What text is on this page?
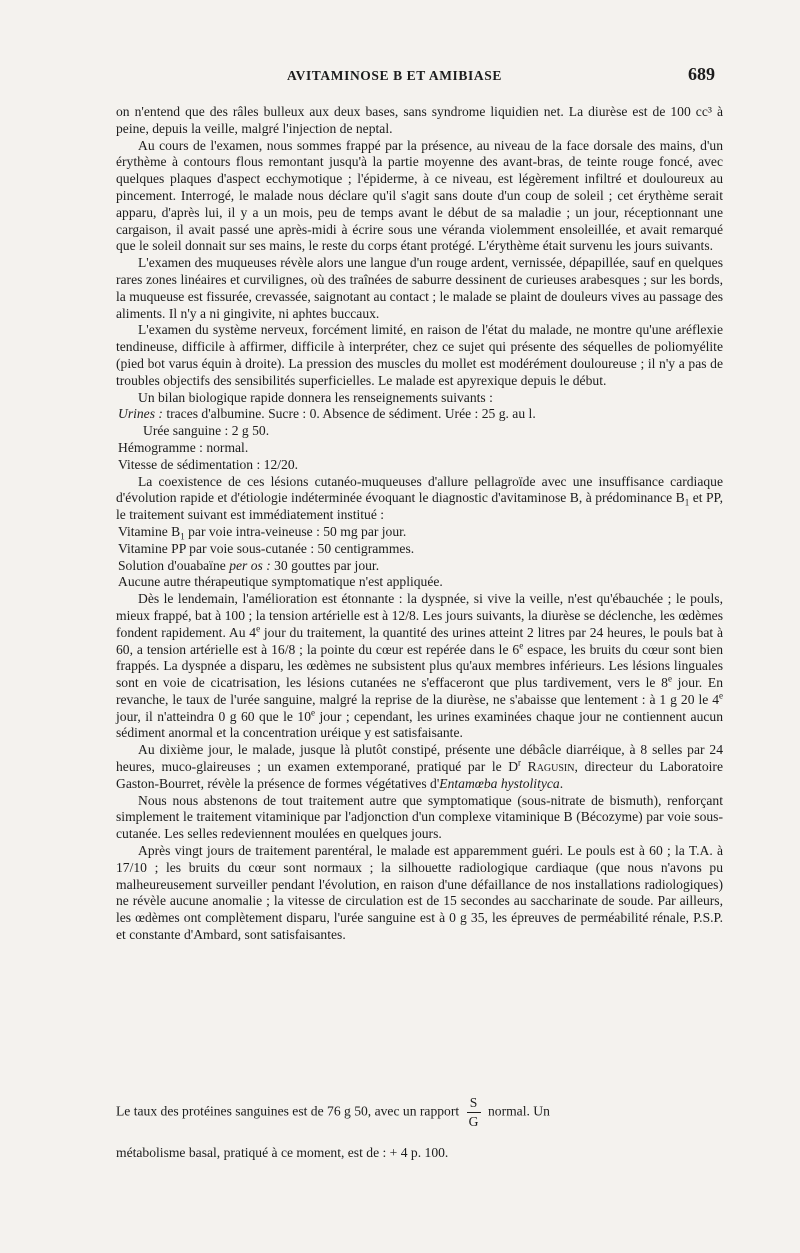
AVITAMINOSE B ET AMIBIASE	689

on n'entend que des râles bulleux aux deux bases, sans syndrome liquidien net. La diurèse est de 100 cc³ à peine, depuis la veille, malgré l'injection de neptal.

Au cours de l'examen, nous sommes frappé par la présence, au niveau de la face dorsale des mains, d'un érythème à contours flous remontant jusqu'à la partie moyenne des avant-bras, de teinte rouge foncé, avec quelques plaques d'aspect ecchymotique ; l'épiderme, à ce niveau, est légèrement infiltré et douloureux au pincement. Interrogé, le malade nous déclare qu'il s'agit sans doute d'un coup de soleil ; cet érythème serait apparu, d'après lui, il y a un mois, peu de temps avant le début de sa maladie ; un jour, réceptionnant une cargaison, il avait passé une après-midi à écrire sous une véranda violemment ensoleillée, et avait remarqué que le soleil donnait sur ses mains, le reste du corps étant protégé. L'érythème était survenu les jours suivants.

L'examen des muqueuses révèle alors une langue d'un rouge ardent, vernissée, dépapillée, sauf en quelques rares zones linéaires et curvilignes, où des traînées de saburre dessinent de curieuses arabesques ; sur les bords, la muqueuse est fissurée, crevassée, saignotant au contact ; le malade se plaint de douleurs vives au passage des aliments. Il n'y a ni gingivite, ni aphtes buccaux.

L'examen du système nerveux, forcément limité, en raison de l'état du malade, ne montre qu'une aréflexie tendineuse, difficile à affirmer, difficile à interpréter, chez ce sujet qui présente des séquelles de poliomyélite (pied bot varus équin à droite). La pression des muscles du mollet est modérément douloureuse ; il n'y a pas de troubles objectifs des sensibilités superficielles. Le malade est apyrexique depuis le début.

Un bilan biologique rapide donnera les renseignements suivants :

Urines : traces d'albumine. Sucre : 0. Absence de sédiment. Urée : 25 g. au l.

Urée sanguine : 2 g 50.

Hémogramme : normal.

Vitesse de sédimentation : 12/20.

La coexistence de ces lésions cutanéo-muqueuses d'allure pellagroïde avec une insuffisance cardiaque d'évolution rapide et d'étiologie indéterminée évoquant le diagnostic d'avitaminose B, à prédominance $B_1$ et PP, le traitement suivant est immédiatement institué :

Vitamine $B_1$ par voie intra-veineuse : 50 mg par jour.

Vitamine PP par voie sous-cutanée : 50 centigrammes.

Solution d'ouabaïne per os : 30 gouttes par jour.

Aucune autre thérapeutique symptomatique n'est appliquée.

Dès le lendemain, l'amélioration est étonnante : la dyspnée, si vive la veille, n'est qu'ébauchée ; le pouls, mieux frappé, bat à 100 ; la tension artérielle est à 12/8. Les jours suivants, la diurèse se déclenche, les œdèmes fondent rapidement. Au 4e jour du traitement, la quantité des urines atteint 2 litres par 24 heures, le pouls bat à 60, a tension artérielle est à 16/8 ; la pointe du cœur est repérée dans le 6e espace, les bruits du cœur sont bien frappés. La dyspnée a disparu, les œdèmes ne subsistent plus qu'aux membres inférieurs. Les lésions linguales sont en voie de cicatrisation, les lésions cutanées ne s'effaceront que plus tardivement, vers le 8e jour. En revanche, le taux de l'urée sanguine, malgré la reprise de la diurèse, ne s'abaisse que lentement : à 1 g 20 le 4e jour, il n'atteindra 0 g 60 que le 10e jour ; cependant, les urines examinées chaque jour ne contiennent aucun sédiment anormal et la concentration uréique y est satisfaisante.

Au dixième jour, le malade, jusque là plutôt constipé, présente une débâcle diarréique, à 8 selles par 24 heures, muco-glaireuses ; un examen extemporané, pratiqué par le $D^r$ Ragusin, directeur du Laboratoire Gaston-Bourret, révèle la présence de formes végétatives d'Entamœba hystolityca.

Nous nous abstenons de tout traitement autre que symptomatique (sous-nitrate de bismuth), renforçant simplement le traitement vitaminique par l'adjonction d'un complexe vitaminique B (Bécozyme) par voie sous-cutanée. Les selles redeviennent moulées en quelques jours.

Après vingt jours de traitement parentéral, le malade est apparemment guéri. Le pouls est à 60 ; la T.A. à 17/10 ; les bruits du cœur sont normaux ; la silhouette radiologique cardiaque (que nous n'avons pu malheureusement surveiller pendant l'évolution, en raison d'une défaillance de nos installations radiologiques) ne révèle aucune anomalie ; la vitesse de circulation est de 15 secondes au saccharinate de soude. Par ailleurs, les œdèmes ont complètement disparu, l'urée sanguine est à 0 g 35, les épreuves de perméabilité rénale, P.S.P. et constante d'Ambard, sont satisfaisantes.

Le taux des protéines sanguines est de 76 g 50, avec un rapport $\frac{S}{G}$ normal. Un
métabolisme basal, pratiqué à ce moment, est de : + 4 p. 100.
